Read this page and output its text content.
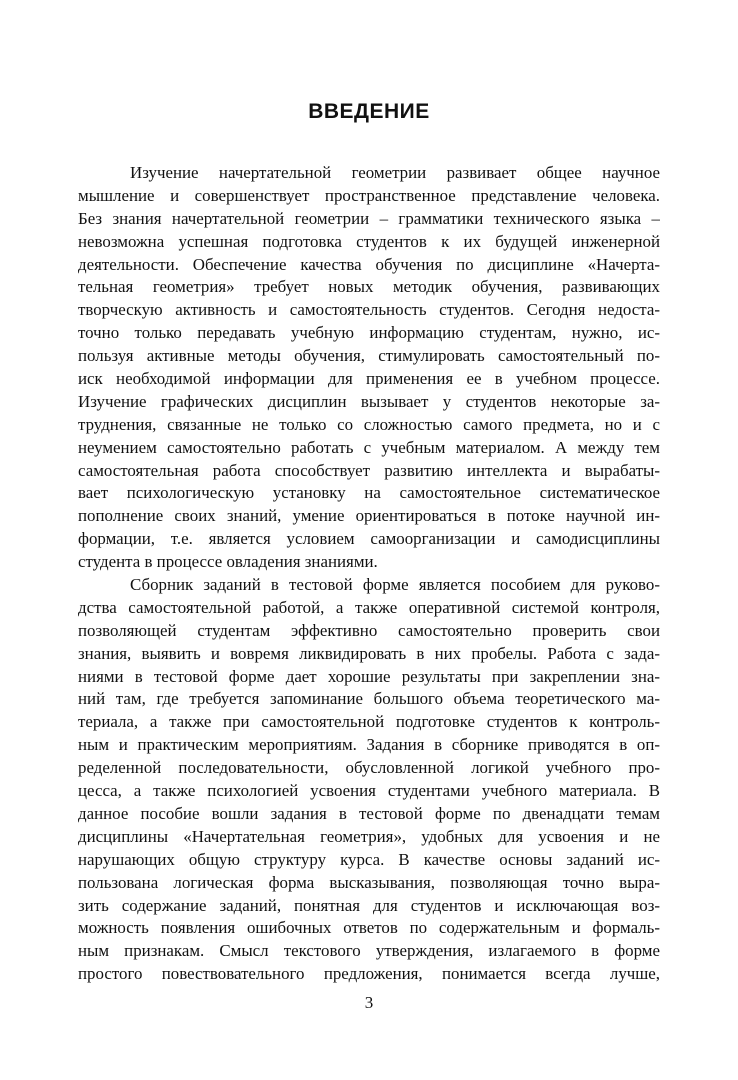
ВВЕДЕНИЕ
Изучение начертательной геометрии развивает общее научное
мышление и совершенствует пространственное представление человека.
Без знания начертательной геометрии – грамматики технического языка –
невозможна успешная подготовка студентов к их будущей инженерной
деятельности. Обеспечение качества обучения по дисциплине «Начерта-
тельная геометрия» требует новых методик обучения, развивающих
творческую активность и самостоятельность студентов. Сегодня недоста-
точно только передавать учебную информацию студентам, нужно, ис-
пользуя активные методы обучения, стимулировать самостоятельный по-
иск необходимой информации для применения ее в учебном процессе.
Изучение графических дисциплин вызывает у студентов некоторые за-
труднения, связанные не только со сложностью самого предмета, но и с
неумением самостоятельно работать с учебным материалом. А между тем
самостоятельная работа способствует развитию интеллекта и вырабаты-
вает психологическую установку на самостоятельное систематическое
пополнение своих знаний, умение ориентироваться в потоке научной ин-
формации, т.е. является условием самоорганизации и самодисциплины
студента в процессе овладения знаниями.
Сборник заданий в тестовой форме является пособием для руково-
дства самостоятельной работой, а также оперативной системой контроля,
позволяющей студентам эффективно самостоятельно проверить свои
знания, выявить и вовремя ликвидировать в них пробелы. Работа с зада-
ниями в тестовой форме дает хорошие результаты при закреплении зна-
ний там, где требуется запоминание большого объема теоретического ма-
териала, а также при самостоятельной подготовке студентов к контроль-
ным и практическим мероприятиям. Задания в сборнике приводятся в оп-
ределенной последовательности, обусловленной логикой учебного про-
цесса, а также психологией усвоения студентами учебного материала. В
данное пособие вошли задания в тестовой форме по двенадцати темам
дисциплины «Начертательная геометрия», удобных для усвоения и не
нарушающих общую структуру курса. В качестве основы заданий ис-
пользована логическая форма высказывания, позволяющая точно выра-
зить содержание заданий, понятная для студентов и исключающая воз-
можность появления ошибочных ответов по содержательным и формаль-
ным признакам. Смысл текстового утверждения, излагаемого в форме
простого повествовательного предложения, понимается всегда лучше,
3
